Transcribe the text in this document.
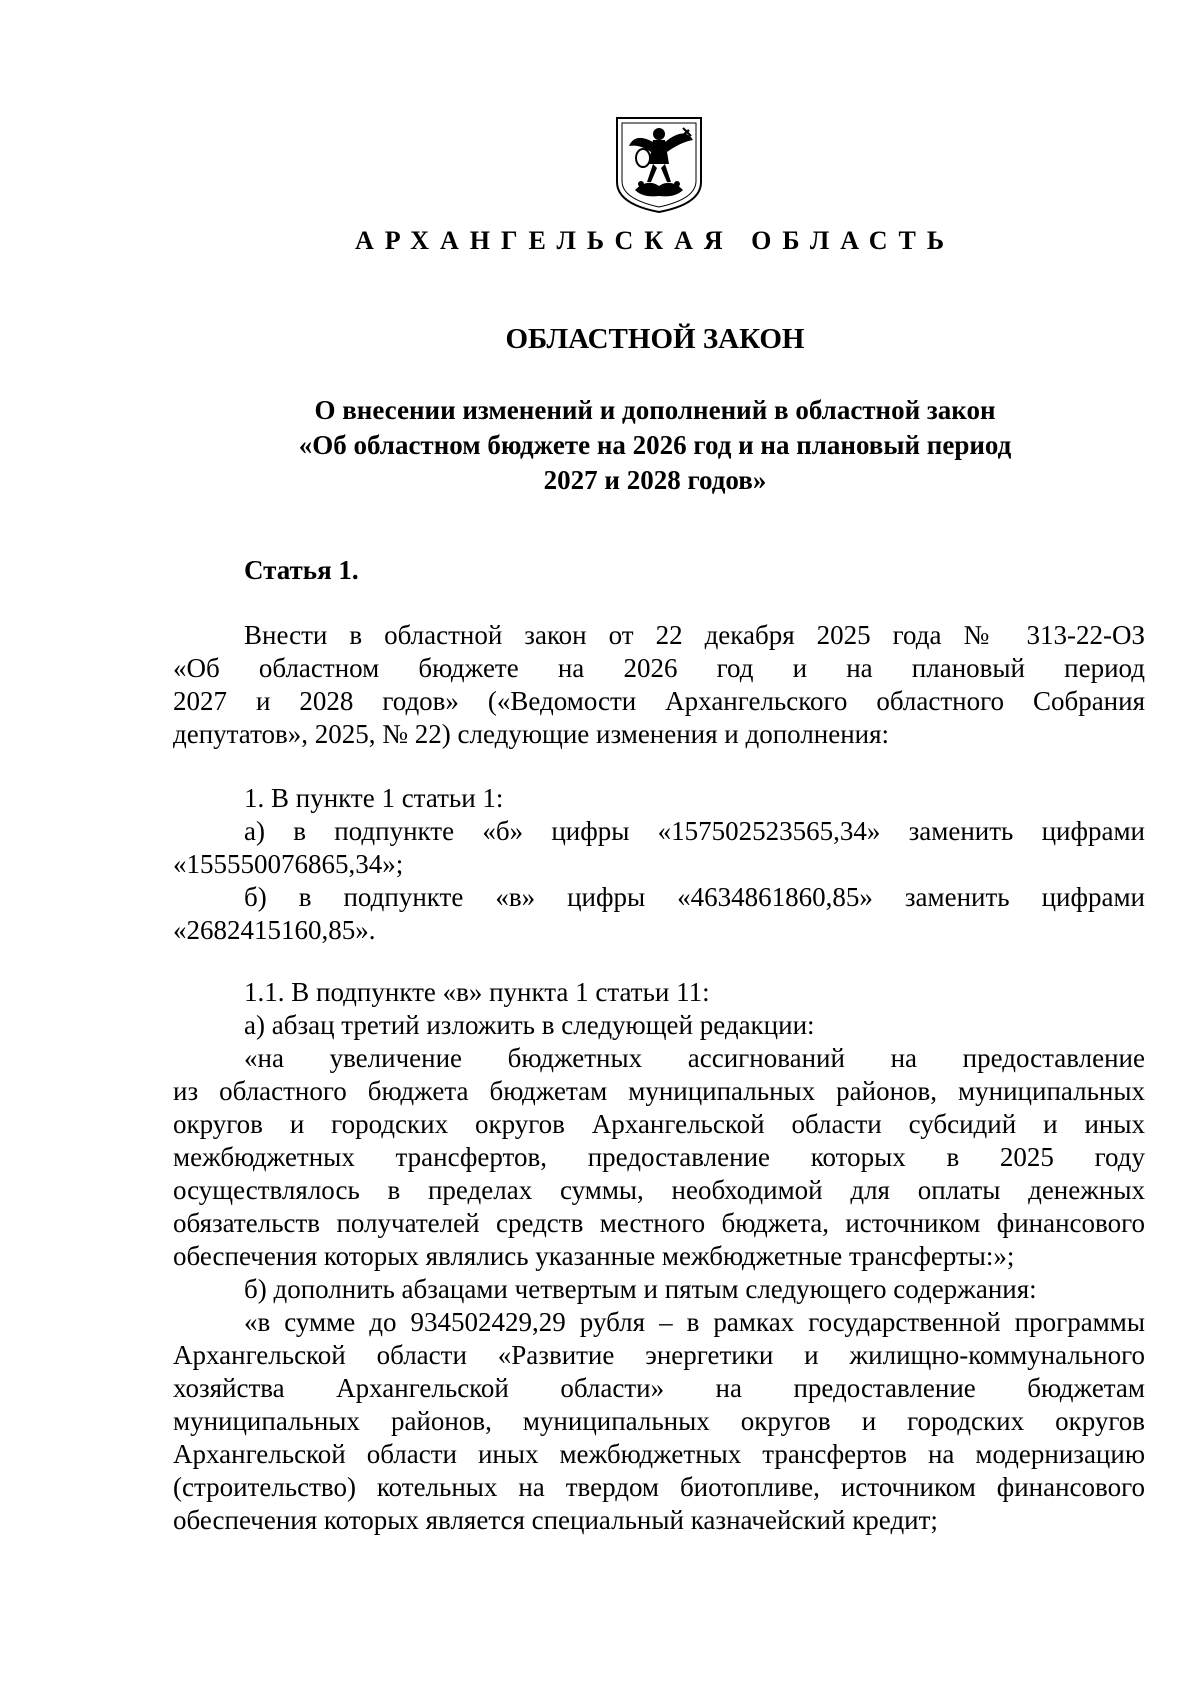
АРХАНГЕЛЬСКАЯ ОБЛАСТЬ
ОБЛАСТНОЙ ЗАКОН
О внесении изменений и дополнений в областной закон
«Об областном бюджете на 2026 год и на плановый период
2027 и 2028 годов»
Статья 1.
Внести в областной закон от 22 декабря 2025 года № 313-22-ОЗ
«Об областном бюджете на 2026 год и на плановый период
2027 и 2028 годов» («Ведомости Архангельского областного Собрания
депутатов», 2025, № 22) следующие изменения и дополнения:
1. В пункте 1 статьи 1:
а) в подпункте «б» цифры «157502523565,34» заменить цифрами
«155550076865,34»;
б) в подпункте «в» цифры «4634861860,85» заменить цифрами
«2682415160,85».
1.1. В подпункте «в» пункта 1 статьи 11:
а) абзац третий изложить в следующей редакции:
«на увеличение бюджетных ассигнований на предоставление
из областного бюджета бюджетам муниципальных районов, муниципальных
округов и городских округов Архангельской области субсидий и иных
межбюджетных трансфертов, предоставление которых в 2025 году
осуществлялось в пределах суммы, необходимой для оплаты денежных
обязательств получателей средств местного бюджета, источником финансового
обеспечения которых являлись указанные межбюджетные трансферты:»;
б) дополнить абзацами четвертым и пятым следующего содержания:
«в сумме до 934502429,29 рубля – в рамках государственной программы
Архангельской области «Развитие энергетики и жилищно-коммунального
хозяйства Архангельской области» на предоставление бюджетам
муниципальных районов, муниципальных округов и городских округов
Архангельской области иных межбюджетных трансфертов на модернизацию
(строительство) котельных на твердом биотопливе, источником финансового
обеспечения которых является специальный казначейский кредит;
